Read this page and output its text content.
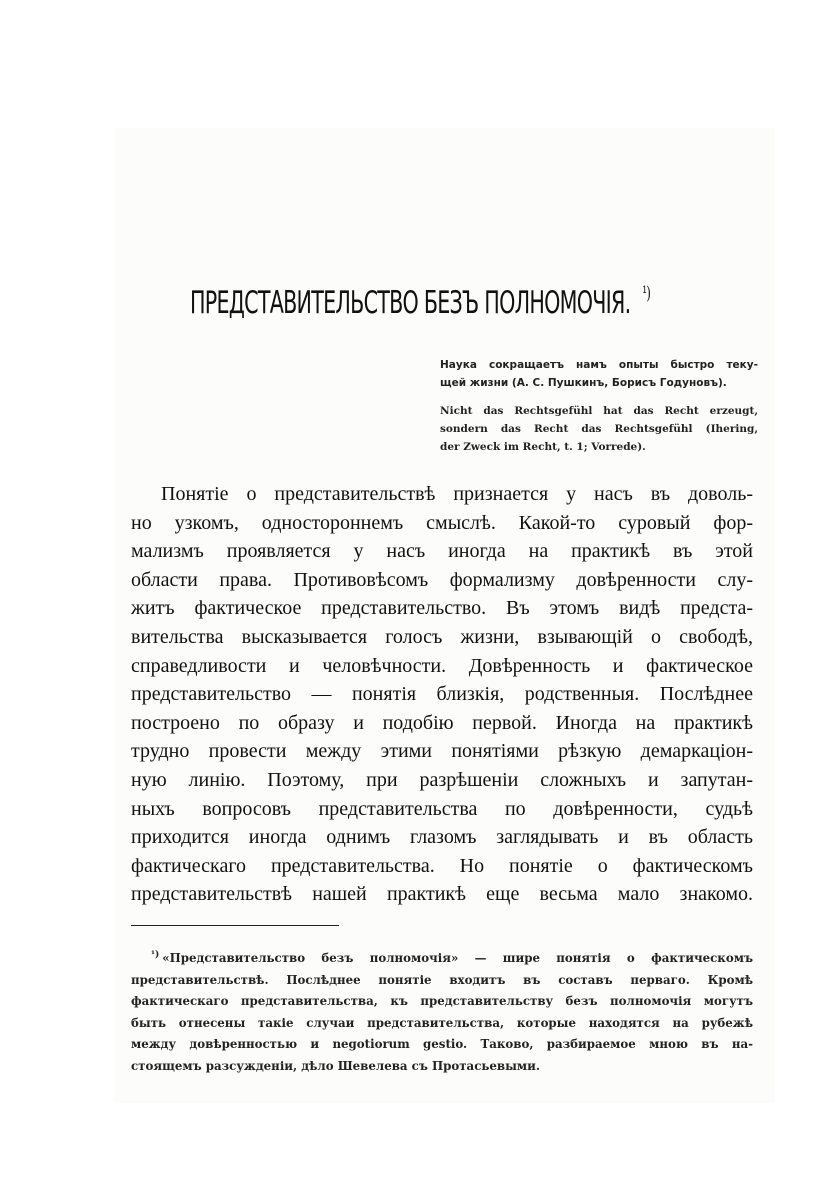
ПРЕДСТАВИТЕЛЬСТВО БЕЗЪ ПОЛНОМОЧІЯ. $^{^1)}$
Наука сокращаетъ намъ опыты быстро теку-
щей жизни (А. С. Пушкинъ, Борисъ Годуновъ).
Nicht das Rechtsgefühl hat das Recht erzeugt,
sondern das Recht das Rechtsgefühl (Ihering,
der Zweck im Recht, t. 1; Vorrede).
Понятіе о представительствѣ признается у насъ въ доволь-
но узкомъ, одностороннемъ смыслѣ. Какой-то суровый фор-
мализмъ проявляется у насъ иногда на практикѣ въ этой
области права. Противовѣсомъ формализму довѣренности слу-
житъ фактическое представительство. Въ этомъ видѣ предста-
вительства высказывается голосъ жизни, взывающій о свободѣ,
справедливости и человѣчности. Довѣренность и фактическое
представительство — понятія близкія, родственныя. Послѣднее
построено по образу и подобію первой. Иногда на практикѣ
трудно провести между этими понятіями рѣзкую демаркаціон-
ную линію. Поэтому, при разрѣшеніи сложныхъ и запутан-
ныхъ вопросовъ представительства по довѣренности, судьѣ
приходится иногда однимъ глазомъ заглядывать и въ область
фактическаго представительства. Но понятіе о фактическомъ
представительствѣ нашей практикѣ еще весьма мало знакомо.
$^{^1)}$ «Представительство безъ полномочія» — шире понятія о фактическомъ
представительствѣ. Послѣднее понятіе входитъ въ составъ перваго. Кромѣ
фактическаго представительства, къ представительству безъ полномочія могутъ
быть отнесены такіе случаи представительства, которые находятся на рубежѣ
между довѣренностью и negotiorum gestio. Таково, разбираемое мною въ на-
стоящемъ разсужденіи, дѣло Шевелева съ Протасьевыми.
